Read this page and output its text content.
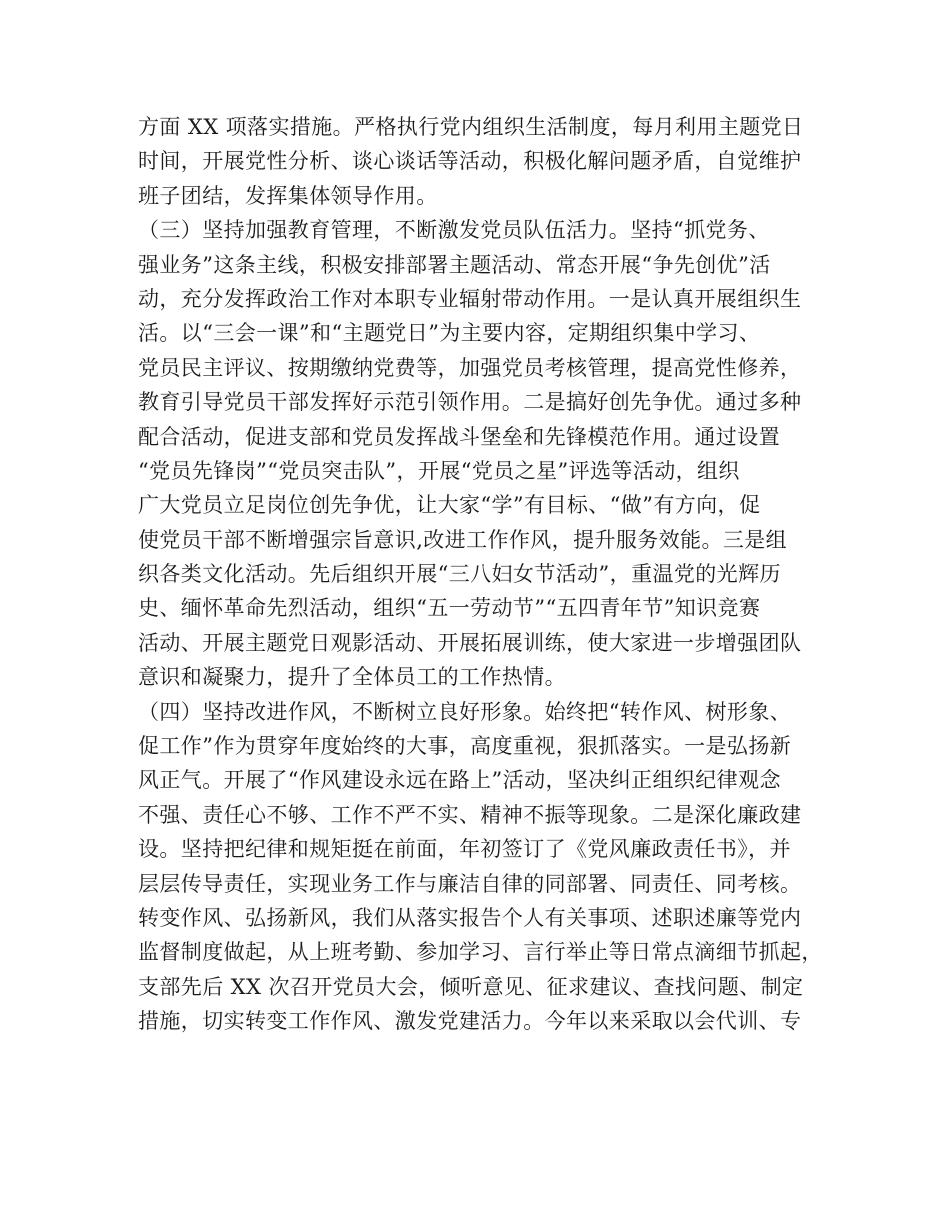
方面 XX 项落实措施。严格执行党内组织生活制度，每月利用主题党日
时间，开展党性分析、谈心谈话等活动，积极化解问题矛盾，自觉维护
班子团结，发挥集体领导作用。
（三）坚持加强教育管理，不断激发党员队伍活力。坚持“抓党务、
强业务”这条主线，积极安排部署主题活动、常态开展“争先创优”活
动，充分发挥政治工作对本职专业辐射带动作用。一是认真开展组织生
活。以“三会一课”和“主题党日”为主要内容，定期组织集中学习、
党员民主评议、按期缴纳党费等，加强党员考核管理，提高党性修养，
教育引导党员干部发挥好示范引领作用。二是搞好创先争优。通过多种
配合活动，促进支部和党员发挥战斗堡垒和先锋模范作用。通过设置
“党员先锋岗”“党员突击队”，开展“党员之星”评选等活动，组织
广大党员立足岗位创先争优，让大家“学”有目标、“做”有方向，促
使党员干部不断增强宗旨意识,改进工作作风，提升服务效能。三是组
织各类文化活动。先后组织开展“三八妇女节活动”，重温党的光辉历
史、缅怀革命先烈活动，组织“五一劳动节”“五四青年节”知识竞赛
活动、开展主题党日观影活动、开展拓展训练，使大家进一步增强团队
意识和凝聚力，提升了全体员工的工作热情。
（四）坚持改进作风，不断树立良好形象。始终把“转作风、树形象、
促工作”作为贯穿年度始终的大事，高度重视，狠抓落实。一是弘扬新
风正气。开展了“作风建设永远在路上”活动，坚决纠正组织纪律观念
不强、责任心不够、工作不严不实、精神不振等现象。二是深化廉政建
设。坚持把纪律和规矩挺在前面，年初签订了《党风廉政责任书》，并
层层传导责任，实现业务工作与廉洁自律的同部署、同责任、同考核。
转变作风、弘扬新风，我们从落实报告个人有关事项、述职述廉等党内
监督制度做起，从上班考勤、参加学习、言行举止等日常点滴细节抓起，
支部先后 XX 次召开党员大会，倾听意见、征求建议、查找问题、制定
措施，切实转变工作作风、激发党建活力。今年以来采取以会代训、专
